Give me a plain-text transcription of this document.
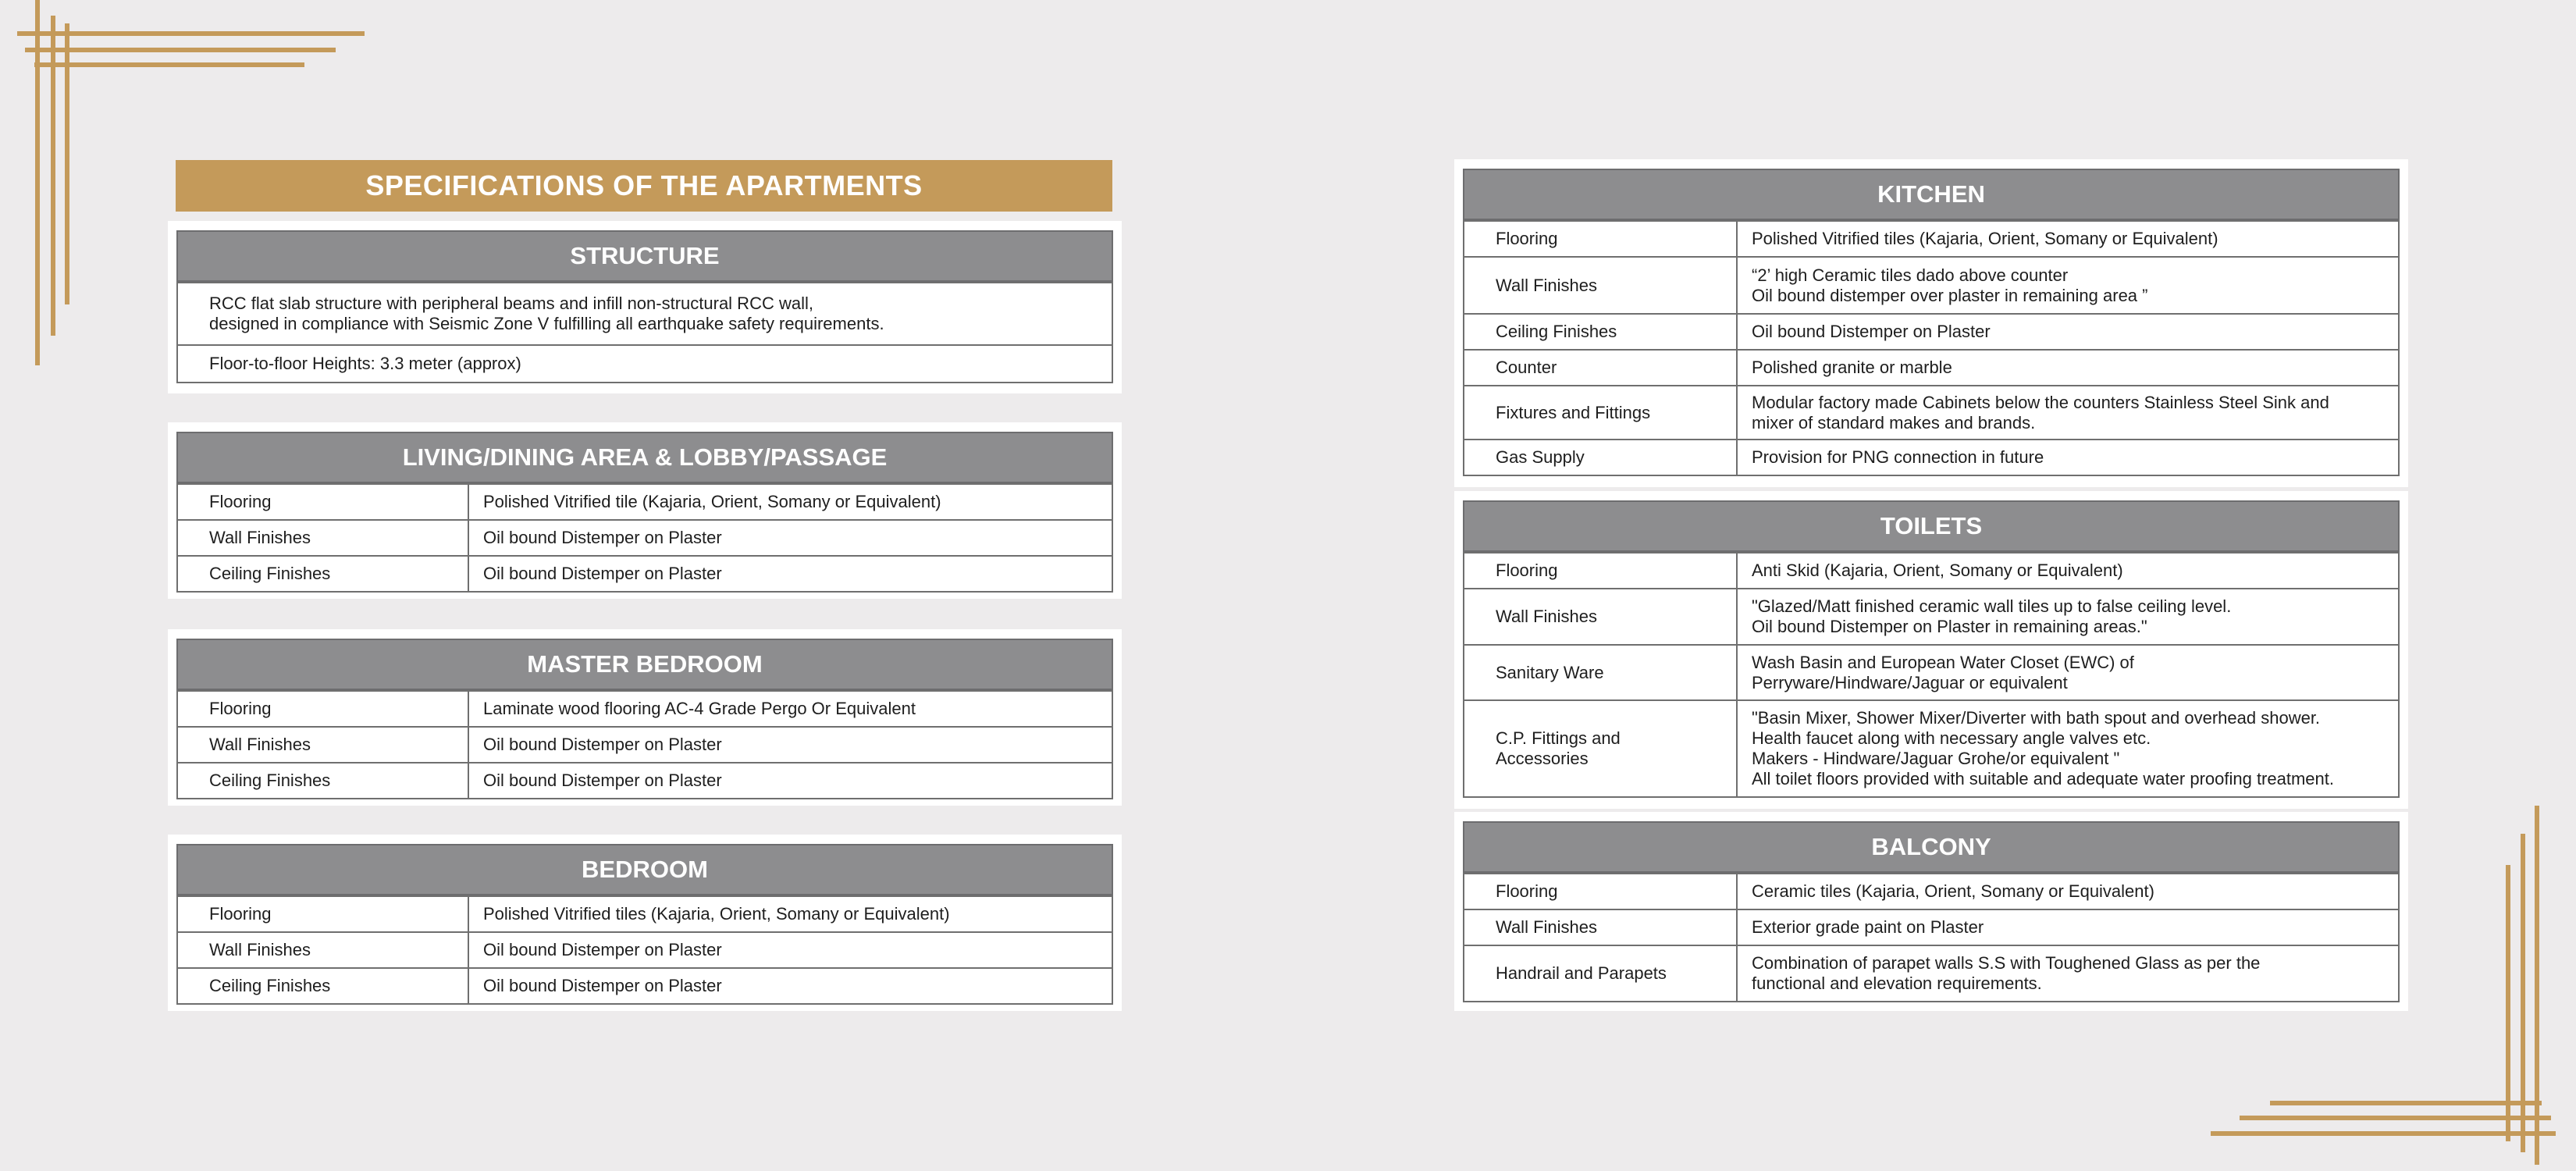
SPECIFICATIONS OF THE APARTMENTS
STRUCTURE
RCC flat slab structure with peripheral beams and infill non-structural RCC wall,
designed in compliance with Seismic Zone V fulfilling all earthquake safety requirements.

Floor-to-floor Heights: 3.3 meter (approx)
LIVING/DINING AREA & LOBBY/PASSAGE
Flooring	Polished Vitrified tile (Kajaria, Orient, Somany or Equivalent)
Wall Finishes	Oil bound Distemper on Plaster
Ceiling Finishes	Oil bound Distemper on Plaster
MASTER BEDROOM
Flooring	Laminate wood flooring AC-4 Grade Pergo Or Equivalent
Wall Finishes	Oil bound Distemper on Plaster
Ceiling Finishes	Oil bound Distemper on Plaster
BEDROOM
Flooring	Polished Vitrified tiles (Kajaria, Orient, Somany or Equivalent)
Wall Finishes	Oil bound Distemper on Plaster
Ceiling Finishes	Oil bound Distemper on Plaster
KITCHEN
Flooring	Polished Vitrified tiles (Kajaria, Orient, Somany or Equivalent)

Wall Finishes	“2’ high Ceramic tiles dado above counter
Oil bound distemper over plaster in remaining area ”

Ceiling Finishes	Oil bound Distemper on Plaster

Counter	Polished granite or marble

Fixtures and Fittings	Modular factory made Cabinets below the counters Stainless Steel Sink and
mixer of standard makes and brands.

Gas Supply	Provision for PNG connection in future
TOILETS
Flooring	Anti Skid (Kajaria, Orient, Somany or Equivalent)

Wall Finishes	"Glazed/Matt finished ceramic wall tiles up to false ceiling level.
Oil bound Distemper on Plaster in remaining areas."

Sanitary Ware	Wash Basin and European Water Closet (EWC) of
Perryware/Hindware/Jaguar or equivalent

C.P. Fittings and
Accessories	"Basin Mixer, Shower Mixer/Diverter with bath spout and overhead shower.
Health faucet along with necessary angle valves etc.
Makers - Hindware/Jaguar Grohe/or equivalent "
All toilet floors provided with suitable and adequate water proofing treatment.
BALCONY
Flooring	Ceramic tiles (Kajaria, Orient, Somany or Equivalent)

Wall Finishes	Exterior grade paint on Plaster

Handrail and Parapets	Combination of parapet walls S.S with Toughened Glass as per the
functional and elevation requirements.
